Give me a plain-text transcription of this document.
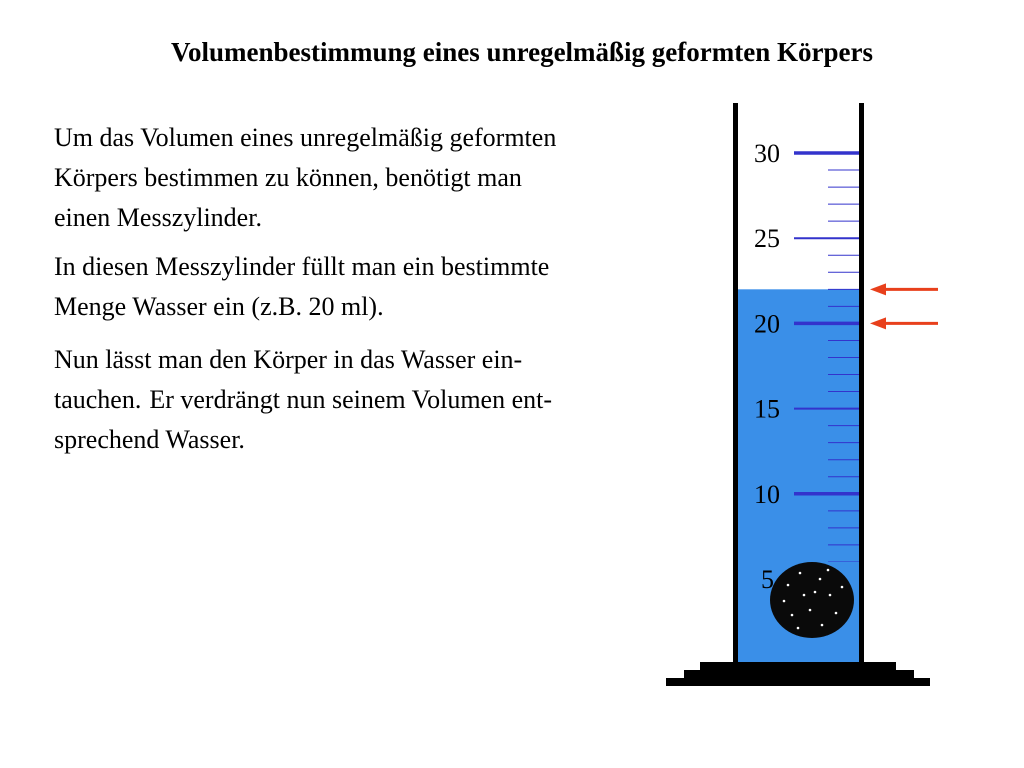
Volumenbestimmung eines unregelmäßig geformten Körpers

Um das Volumen eines unregelmäßig geformten
Körpers bestimmen zu können, benötigt man
einen Messzylinder.

In diesen Messzylinder füllt man ein bestimmte
Menge Wasser ein (z.B. 20 ml).

Nun lässt man den Körper in das Wasser ein-
tauchen. Er verdrängt nun seinem Volumen ent-
sprechend Wasser.

30
25
20
15
10
5
